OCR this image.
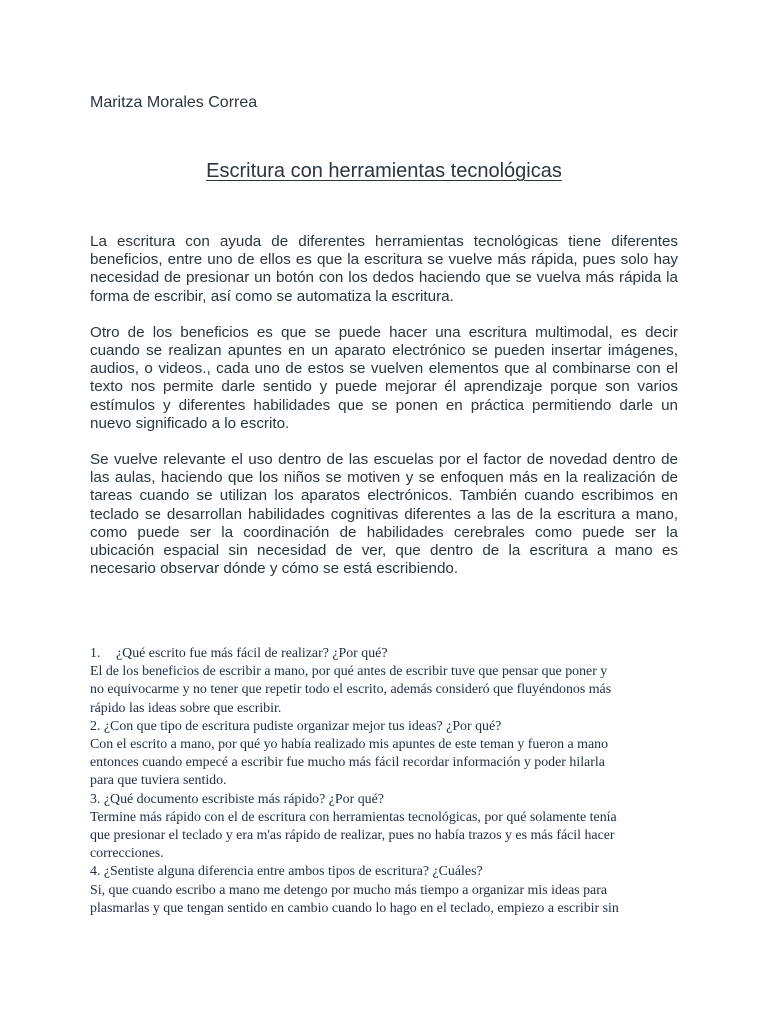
Maritza Morales Correa
Escritura con herramientas tecnológicas

La escritura con ayuda de diferentes herramientas tecnológicas tiene diferentes beneficios, entre uno de ellos es que la escritura se vuelve más rápida, pues solo hay necesidad de presionar un botón con los dedos haciendo que se vuelva más rápida la forma de escribir, así como se automatiza la escritura.

Otro de los beneficios es que se puede hacer una escritura multimodal, es decir cuando se realizan apuntes en un aparato electrónico se pueden insertar imágenes, audios, o videos., cada uno de estos se vuelven elementos que al combinarse con el texto nos permite darle sentido y puede mejorar él aprendizaje porque son varios estímulos y diferentes habilidades que se ponen en práctica permitiendo darle un nuevo significado a lo escrito.

Se vuelve relevante el uso dentro de las escuelas por el factor de novedad dentro de las aulas, haciendo que los niños se motiven y se enfoquen más en la realización de tareas cuando se utilizan los aparatos electrónicos. También cuando escribimos en teclado se desarrollan habilidades cognitivas diferentes a las de la escritura a mano, como puede ser la coordinación de habilidades cerebrales como puede ser la ubicación espacial sin necesidad de ver, que dentro de la escritura a mano es necesario observar dónde y cómo se está escribiendo.

1. ¿Qué escrito fue más fácil de realizar? ¿Por qué?
El de los beneficios de escribir a mano, por qué antes de escribir tuve que pensar que poner y
no equivocarme y no tener que repetir todo el escrito, además consideró que fluyéndonos más
rápido las ideas sobre que escribir.
2. ¿Con que tipo de escritura pudiste organizar mejor tus ideas? ¿Por qué?
Con el escrito a mano, por qué yo había realizado mis apuntes de este teman y fueron a mano
entonces cuando empecé a escribir fue mucho más fácil recordar información y poder hilarla
para que tuviera sentido.
3. ¿Qué documento escribiste más rápido? ¿Por qué?
Termine más rápido con el de escritura con herramientas tecnológicas, por qué solamente tenía
que presionar el teclado y era m'as rápido de realizar, pues no había trazos y es más fácil hacer
correcciones.
4. ¿Sentiste alguna diferencia entre ambos tipos de escritura? ¿Cuáles?
Si, que cuando escribo a mano me detengo por mucho más tiempo a organizar mis ideas para
plasmarlas y que tengan sentido en cambio cuando lo hago en el teclado, empiezo a escribir sin
